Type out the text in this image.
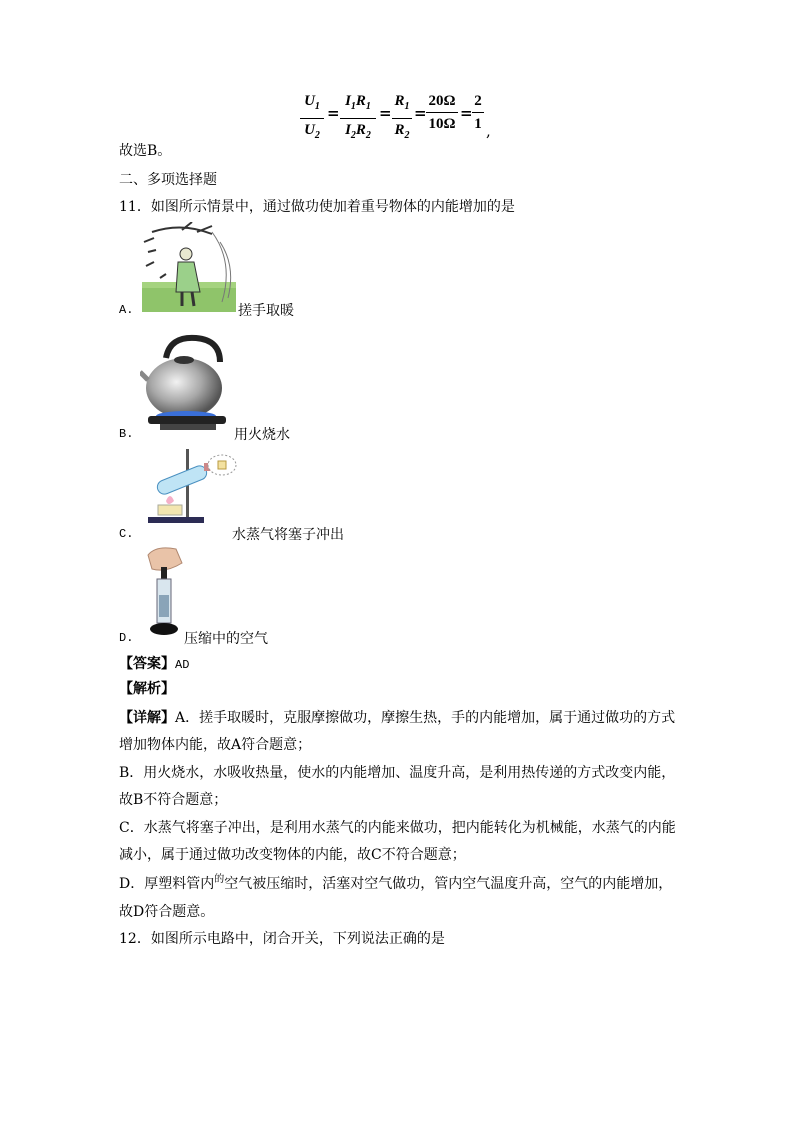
$U_1$
$U_2$
=
$I_1R_1$
$I_2R_2$
=
$R_1$
$R_2$
=
20Ω
10Ω
=
2
1 ,
故选B。
二、多项选择题
11．如图所示情景中，通过做功使加着重号物体的内能增加的是
A.	搓手取暖
B.	用火烧水
C.	水蒸气将塞子冲出
D.	压缩中的空气
【答案】AD
【解析】
【详解】A．搓手取暖时，克服摩擦做功，摩擦生热，手的内能增加，属于通过做功的方式
增加物体内能，故A符合题意；
B．用火烧水，水吸收热量，使水的内能增加、温度升高，是利用热传递的方式改变内能，
故B不符合题意；
C．水蒸气将塞子冲出，是利用水蒸气的内能来做功，把内能转化为机械能，水蒸气的内能
减小，属于通过做功改变物体的内能，故C不符合题意；
D．厚塑料管内$^的$空气被压缩时，活塞对空气做功，管内空气温度升高，空气的内能增加，
故D符合题意。
12．如图所示电路中，闭合开关，下列说法正确的是
